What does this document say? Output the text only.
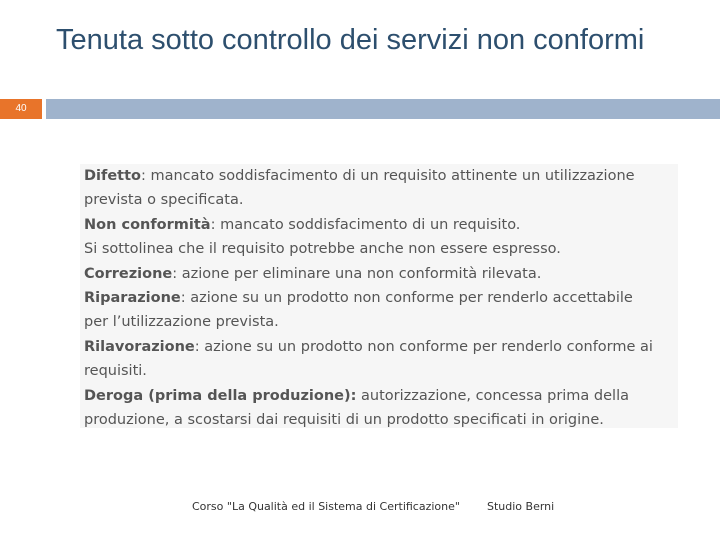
Tenuta sotto controllo dei servizi non conformi
40
Difetto: mancato soddisfacimento di un requisito attinente un utilizzazione
prevista o specificata.
Non conformità: mancato soddisfacimento di un requisito.
Si sottolinea che il requisito potrebbe anche non essere espresso.
Correzione: azione per eliminare una non conformità rilevata.
Riparazione: azione su un prodotto non conforme per renderlo accettabile
per l’utilizzazione prevista.
Rilavorazione: azione su un prodotto non conforme per renderlo conforme ai
requisiti.
Deroga (prima della produzione): autorizzazione, concessa prima della
produzione, a scostarsi dai requisiti di un prodotto specificati in origine.
Corso "La Qualità ed il Sistema di Certificazione" Studio Berni
